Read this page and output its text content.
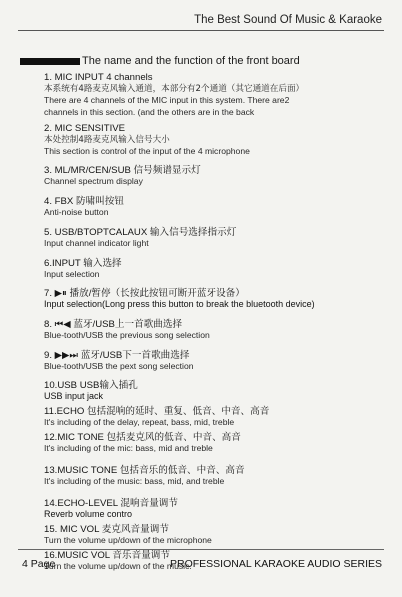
The Best Sound Of Music & Karaoke
The name and the function of the front board
1. MIC INPUT 4 channels
本系统有4路麦克风输入通道，本部分有2个通道（其它通道在后面）
There are 4 channels of the MIC input in this system. There are2
channels in this section. (and the others are in the back
2. MIC SENSITIVE
本处控制4路麦克风输入信号大小
This section is control of the input of the 4 microphone
3. ML/MR/CEN/SUB 信号频谱显示灯
Channel spectrum display
4. FBX 防啸叫按钮
Anti-noise button
5. USB/BTOPTCALAUX 输入信号选择指示灯
Input channel indicator light
6.INPUT 输入选择
Input selection
7. ▶⏸ 播放/暂停（长按此按钮可断开蓝牙设备）
Input selection(Long press this button to break the bluetooth device)
8. ⏮◀ 蓝牙/USB上一首歌曲选择
Blue-tooth/USB the previous song selection
9. ▶▶⏭ 蓝牙/USB下一首歌曲选择
Blue-tooth/USB the pext song selection
10.USB USB输入插孔
USB input jack
11.ECHO 包括混响的延时、重复、低音、中音、高音
It's including of the delay, repeat, bass, mid, treble
12.MIC TONE 包括麦克风的低音、中音、高音
It's including of the mic: bass, mid and treble
13.MUSIC TONE 包括音乐的低音、中音、高音
It's including of the music: bass, mid, and treble
14.ECHO-LEVEL 混响音量调节
Reverb volume contro
15. MIC VOL 麦克风音量调节
Turn the volume up/down of the microphone
16.MUSIC VOL 音乐音量调节
Turn the volume up/down of the music.
4 Page	PROFESSIONAL KARAOKE AUDIO SERIES
